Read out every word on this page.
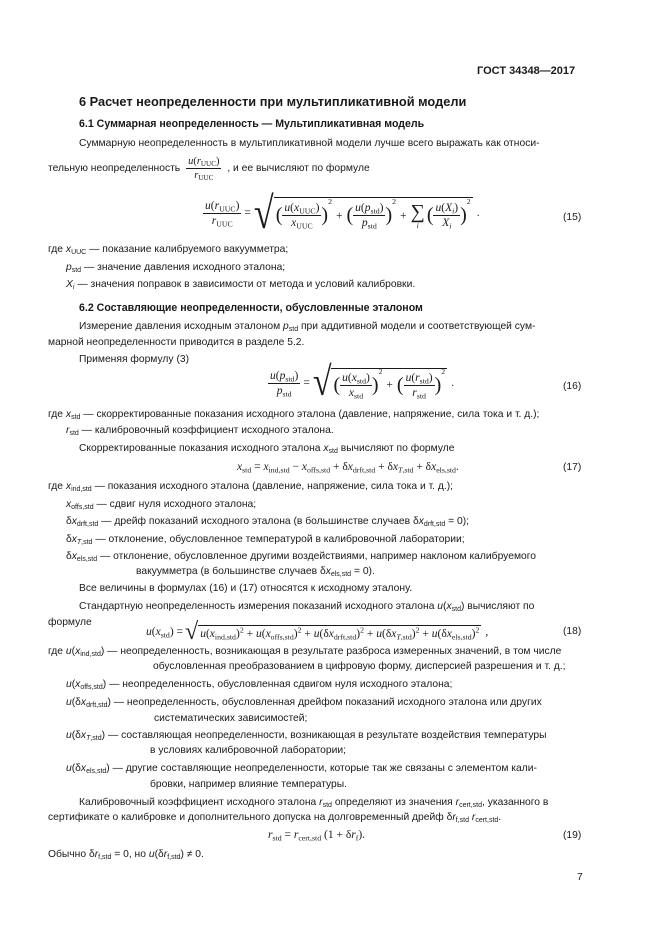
ГОСТ 34348—2017
6 Расчет неопределенности при мультипликативной модели
6.1 Суммарная неопределенность — Мультипликативная модель
Суммарную неопределенность в мультипликативной модели лучше всего выражать как относи-
тельную неопределенность $\frac{u(r_{UUC})}{r_{UUC}}$ , и ее вычисляют по формуле
$\frac{u(r_{UUC})}{r_{UUC}}$ = √ ( $\frac{u(x_{UUC})}{x_{UUC}}$ )
2
+ ( $\frac{u(p_{std})}{p_{std}}$ )
2
+ ∑
i ( $\frac{u(X_i)}{X_i}$ )
2
.	(15)
где $x_{UUC}$ — показание калибруемого вакуумметра;
$p_{std}$ — значение давления исходного эталона;
$X_i$ — значения поправок в зависимости от метода и условий калибровки.
6.2 Составляющие неопределенности, обусловленные эталоном
Измерение давления исходным эталоном $p_{std}$ при аддитивной модели и соответствующей сум-
марной неопределенности приводится в разделе 5.2.
Применяя формулу (3)
$\frac{u(p_{std})}{p_{std}}$ = √ ( $\frac{u(x_{std})}{x_{std}}$ )
2
+ ( $\frac{u(r_{std})}{r_{std}}$ )
2
.	(16)
где $x_{std}$ — скорректированные показания исходного эталона (давление, напряжение, сила тока и т. д.);
$r_{std}$ — калибровочный коэффициент исходного эталона.
Скорректированные показания исходного эталона $x_{std}$ вычисляют по формуле
$x_{std} = x_{ind,std} - x_{offs,std} + \delta x_{drft,std} + \delta x_{T,std} + \delta x_{els,std}$.	(17)
где $x_{ind,std}$ — показания исходного эталона (давление, напряжение, сила тока и т. д.);
$x_{offs,std}$ — сдвиг нуля исходного эталона;
$\delta x_{drft,std}$ — дрейф показаний исходного эталона (в большинстве случаев $\delta x_{drft,std} = 0$);
$\delta x_{T,std}$ — отклонение, обусловленное температурой в калибровочной лаборатории;
$\delta x_{els,std}$ — отклонение, обусловленное другими воздействиями, например наклоном калибруемого
вакуумметра (в большинстве случаев $\delta x_{els,std} = 0$).
Все величины в формулах (16) и (17) относятся к исходному эталону.
Стандартную неопределенность измерения показаний исходного эталона $u(x_{std})$ вычисляют по
формуле
$u(x_{std})$ = √ $u(x_{ind,std})^2 + u(x_{offs,std})^2 + u(\delta x_{drft,std})^2 + u(\delta x_{T,std})^2 + u(\delta x_{els,std})^2$ ,	(18)
где $u(x_{ind,std})$ — неопределенность, возникающая в результате разброса измеренных значений, в том числе
обусловленная преобразованием в цифровую форму, дисперсией разрешения и т. д.;
$u(x_{offs,std})$ — неопределенность, обусловленная сдвигом нуля исходного эталона;
$u(\delta x_{drft,std})$ — неопределенность, обусловленная дрейфом показаний исходного эталона или других
систематических зависимостей;
$u(\delta x_{T,std})$ — составляющая неопределенности, возникающая в результате воздействия температуры
в условиях калибровочной лаборатории;
$u(\delta x_{els,std})$ — другие составляющие неопределенности, которые так же связаны с элементом кали-
бровки, например влияние температуры.
Калибровочный коэффициент исходного эталона $r_{std}$ определяют из значения $r_{cert,std}$, указанного в
сертификате о калибровке и дополнительного допуска на долговременный дрейф $\delta r_{f,std}$ $r_{cert,std}$.
$r_{std} = r_{cert,std}$ $(1 + \delta r_f)$.	(19)
Обычно $\delta r_{f,std} = 0$, но $u(\delta r_{f,std}) \ne 0$.
7
